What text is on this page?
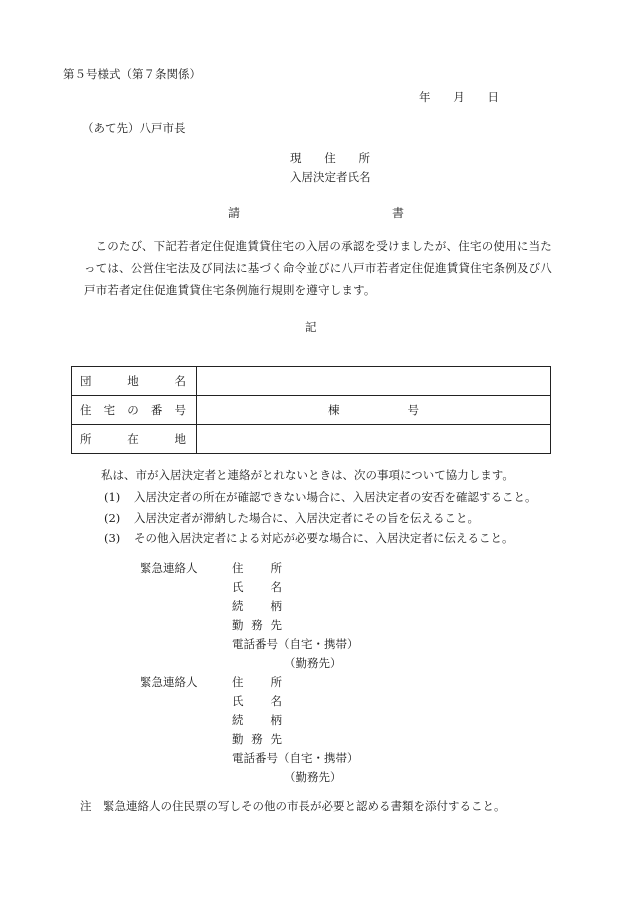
第５号様式（第７条関係）
年 月 日
（あて先）八戸市長
現 住 所
入居決定者氏名
請	書
このたび、下記若者定住促進賃貸住宅の入居の承認を受けましたが、住宅の使用に当たっては、公営住宅法及び同法に基づく命令並びに八戸市若者定住促進賃貸住宅条例及び八戸市若者定住促進賃貸住宅条例施行規則を遵守します。
記
団 地 名	

住 宅 の 番 号	棟 号

所 在 地	

私は、市が入居決定者と連絡がとれないときは、次の事項について協力します。
(1) 入居決定者の所在が確認できない場合に、入居決定者の安否を確認すること。
(2) 入居決定者が滞納した場合に、入居決定者にその旨を伝えること。
(3) その他入居決定者による対応が必要な場合に、入居決定者に伝えること。
緊急連絡人	住 所
氏 名
続 柄
勤 務 先
電話番号（自宅・携帯）
（勤務先）
緊急連絡人	住 所
氏 名
続 柄
勤 務 先
電話番号（自宅・携帯）
（勤務先）
注 緊急連絡人の住民票の写しその他の市長が必要と認める書類を添付すること。
